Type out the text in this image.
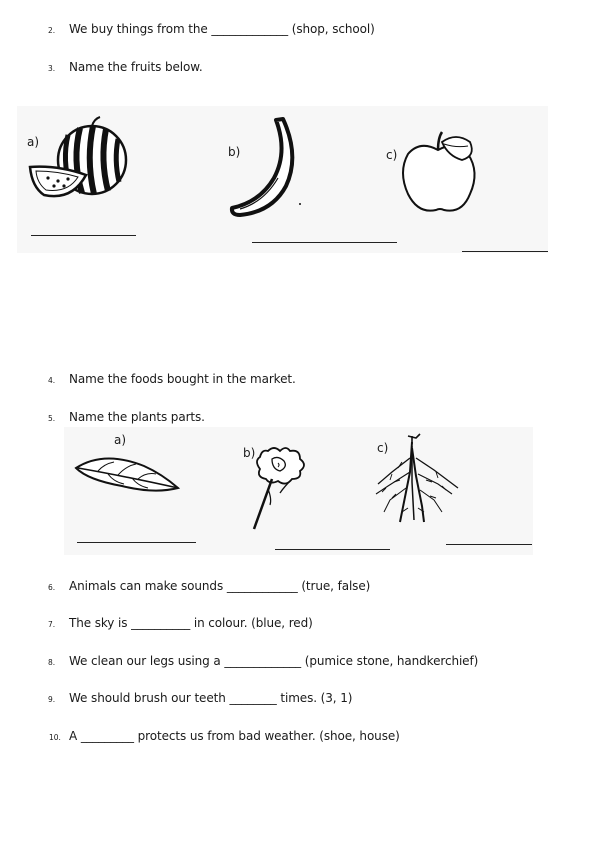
2.	We buy things from the _____________ (shop, school)
3.	Name the fruits below.
a)
b)	c)
4.	Name the foods bought in the market.
5.	Name the plants parts.
a)
b)	c)
6.	Animals can make sounds ____________ (true, false)
7.	The sky is __________ in colour. (blue, red)
8.	We clean our legs using a _____________ (pumice stone, handkerchief)
9.	We should brush our teeth ________ times. (3, 1)
10. A _________ protects us from bad weather. (shoe, house)
